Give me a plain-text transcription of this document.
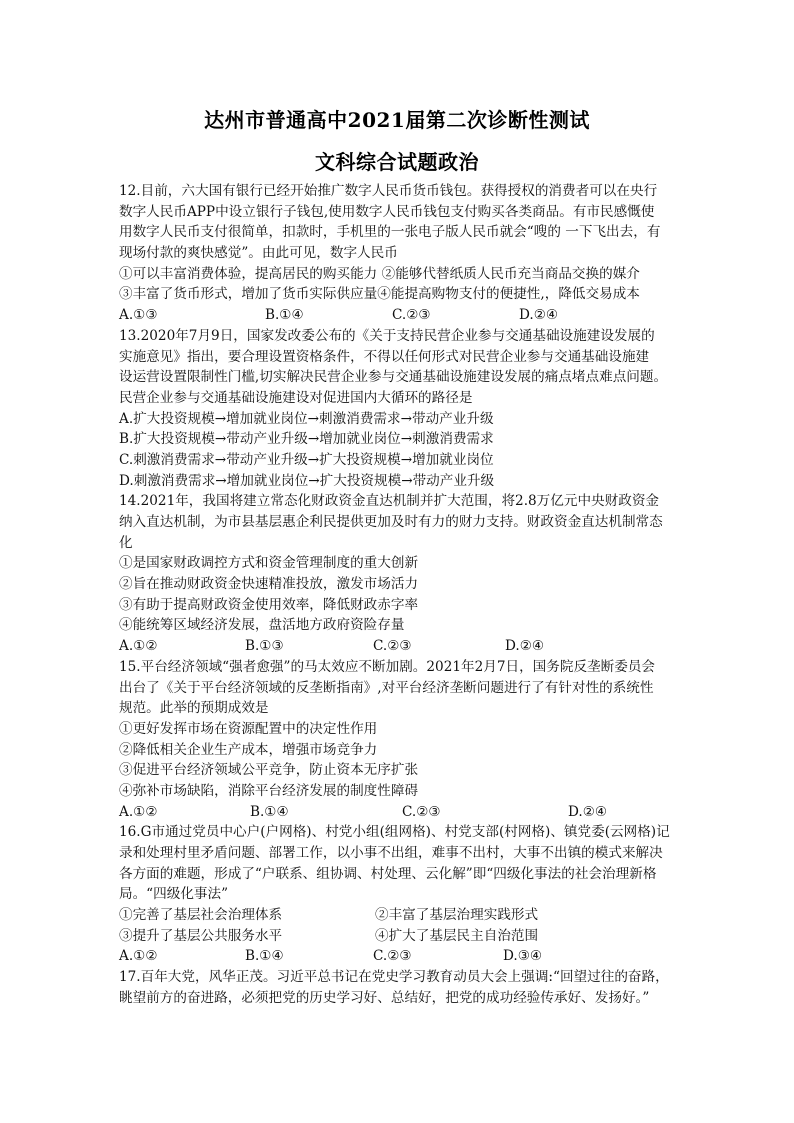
达州市普通高中2021届第二次诊断性测试
文科综合试题政治
12.目前，六大国有银行已经开始推广数字人民币货币钱包。获得授权的消费者可以在央行
数字人民币APP中设立银行子钱包,使用数字人民币钱包支付购买各类商品。有市民感慨使
用数字人民币支付很简单，扣款时，手机里的一张电子版人民币就会“嗖的 一下飞出去，有
现场付款的爽快感觉”。由此可见，数字人民币
①可以丰富消费体验，提高居民的购买能力 ②能够代替纸质人民币充当商品交换的媒介
③丰富了货币形式，增加了货币实际供应量④能提高购物支付的便捷性,，降低交易成本
A.①③	B.①④	C.②③	D.②④
13.2020年7月9日，国家发改委公布的《关于支持民营企业参与交通基础设施建设发展的
实施意见》指出，要合理设置资格条件，不得以任何形式对民营企业参与交通基础设施建
设运营设置限制性门槛,切实解决民营企业参与交通基础设施建设发展的痛点堵点难点问题。
民营企业参与交通基础设施建设对促进国内大循环的路径是
A.扩大投资规模→增加就业岗位→刺激消费需求→带动产业升级
B.扩大投资规模→带动产业升级→增加就业岗位→刺激消费需求
C.刺激消费需求→带动产业升级→扩大投资规模→增加就业岗位
D.刺激消费需求→增加就业岗位→扩大投资规模→带动产业升级
14.2021年，我国将建立常态化财政资金直达机制并扩大范围，将2.8万亿元中央财政资金
纳入直达机制，为市县基层惠企利民提供更加及时有力的财力支持。财政资金直达机制常态
化
①是国家财政调控方式和资金管理制度的重大创新
②旨在推动财政资金快速精准投放，激发市场活力
③有助于提高财政资金使用效率，降低财政赤字率
④能统筹区域经济发展，盘活地方政府资险存量
A.①②	B.①③	C.②③	D.②④
15.平台经济领域“强者愈强”的马太效应不断加剧。2021年2月7日，国务院反垄断委员会
出台了《关于平台经济领域的反垄断指南》,对平台经济垄断问题进行了有针对性的系统性
规范。此举的预期成效是
①更好发挥市场在资源配置中的决定性作用
②降低相关企业生产成本，增强市场竞争力
③促进平台经济领域公平竞争，防止资本无序扩张
④弥补市场缺陷，消除平台经济发展的制度性障碍
A.①②	B.①④	C.②③	D.②④
16.G市通过党员中心户(户网格)、村党小组(组网格)、村党支部(村网格)、镇党委(云网格)记
录和处理村里矛盾问题、部署工作，以小事不出组，难事不出村，大事不出镇的模式来解决
各方面的难题，形成了“户联系、组协调、村处理、云化解”即“四级化事法的社会治理新格
局。“四级化事法”
①完善了基层社会治理体系	②丰富了基层治理实践形式
③提升了基层公共服务水平	④扩大了基层民主自治范围
A.①②	B.①④	C.②③	D.③④
17.百年大党，风华正茂。习近平总书记在党史学习教育动员大会上强调:“回望过往的奋路，
眺望前方的奋进路，必须把党的历史学习好、总结好，把党的成功经验传承好、发扬好。”
